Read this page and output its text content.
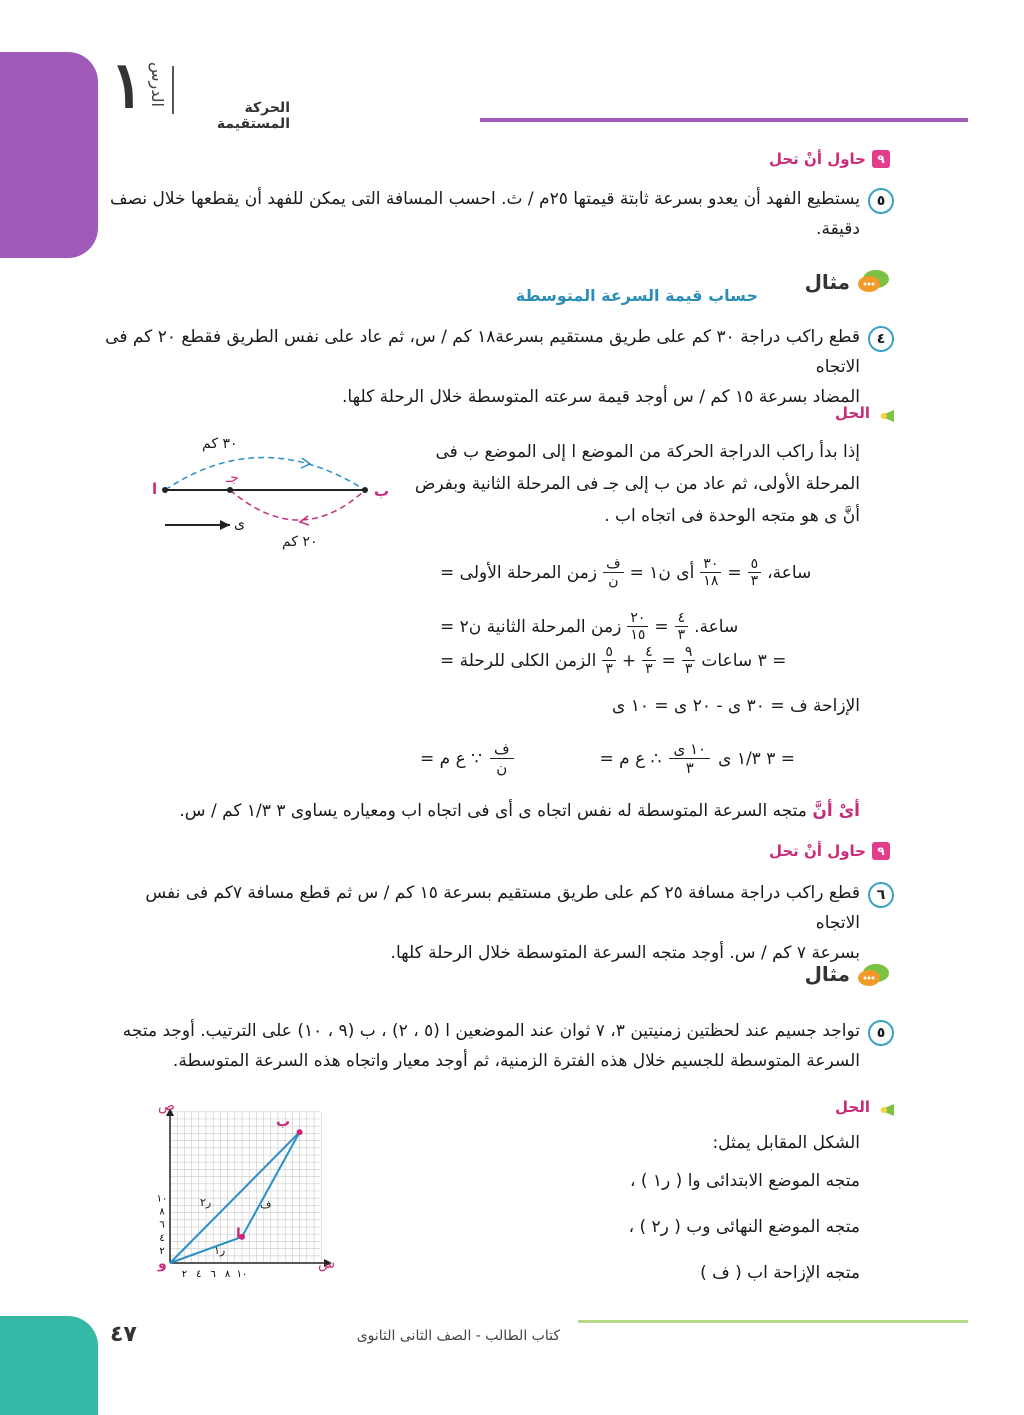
١ الدرس
الحركة المستقيمة
٩
حاول أنْ تحل
٥
يستطيع الفهد أن يعدو بسرعة ثابتة قيمتها ٢٥م / ث. احسب المسافة التى يمكن للفهد أن يقطعها خلال نصف
دقيقة.
مثال
حساب قيمة السرعة المتوسطة
٤
قطع راكب دراجة ٣٠ كم على طريق مستقيم بسرعة١٨ كم / س، ثم عاد على نفس الطريق فقطع ٢٠ كم فى الاتجاه
المضاد بسرعة ١٥ كم / س أوجد قيمة سرعته المتوسطة خلال الرحلة كلها.
الحل
إذا بدأ راكب الدراجة الحركة من الموضع ا إلى الموضع ب فى
المرحلة الأولى، ثم عاد من ب إلى جـ فى المرحلة الثانية وبفرض
أنَّ ى هو متجه الوحدة فى اتجاه اب .
٣٠ كم
٢٠ كم
ا	ب
جـ
ى
زمن المرحلة الأولى = ف
ن أى ن١ = ٣٠
١٨ = ٥
٣ ساعة،
زمن المرحلة الثانية ن٢ = ٢٠
١٥ = ٤
٣ ساعة.
الزمن الكلى للرحلة = ٥
٣ + ٤
٣ = ٩
٣ = ٣ ساعات
الإزاحة ف = ٣٠ ى - ٢٠ ى = ١٠ ى
∵ ع م = ف
ن	∴ ع م = ١٠ ى
٣ = ٣ ١/٣ ى
أىْ أنَّ متجه السرعة المتوسطة له نفس اتجاه ى أى فى اتجاه اب ومعياره يساوى ٣ ١/٣ كم / س.
٩
حاول أنْ تحل
٦
قطع راكب دراجة مسافة ٢٥ كم على طريق مستقيم بسرعة ١٥ كم / س ثم قطع مسافة ٧كم فى نفس الاتجاه
بسرعة ٧ كم / س. أوجد متجه السرعة المتوسطة خلال الرحلة كلها.
مثال
٥
تواجد جسيم عند لحظتين زمنيتين ٣، ٧ ثوان عند الموضعين ا (٥ ، ٢) ، ب (٩ ، ١٠) على الترتيب. أوجد متجه
السرعة المتوسطة للجسيم خلال هذه الفترة الزمنية، ثم أوجد معيار واتجاه هذه السرعة المتوسطة.
الحل
الشكل المقابل يمثل:
متجه الموضع الابتدائى وا ( ر١ ) ،
متجه الموضع النهائى وب ( ر٢ ) ،
متجه الإزاحة اب ( ف )
٢ ٤ ٦ ٨ ١٠
٢
٤
٦
٨
١٠
ص
س
و
ا
ب
ر٢	ف
ر١
٤٧	كتاب الطالب - الصف الثانى الثانوى
